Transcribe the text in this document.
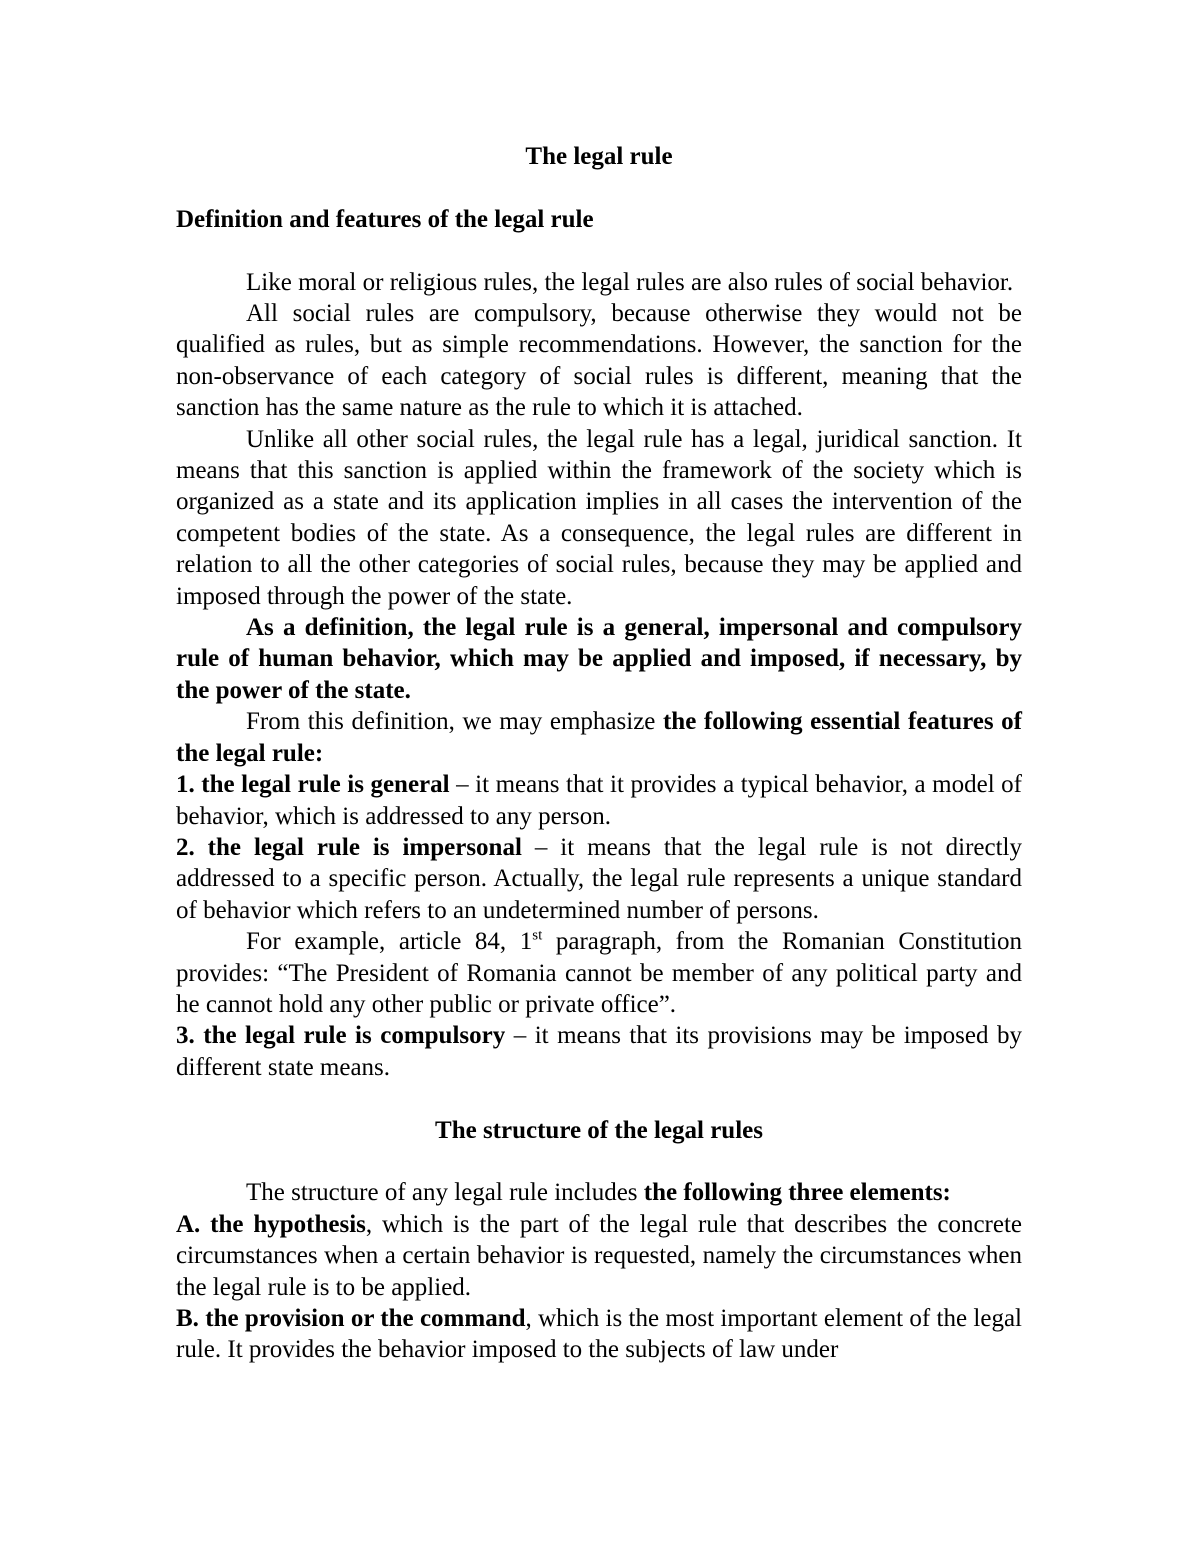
The legal rule
Definition and features of the legal rule

Like moral or religious rules, the legal rules are also rules of social behavior.

All social rules are compulsory, because otherwise they would not be qualified as rules, but as simple recommendations. However, the sanction for the non-observance of each category of social rules is different, meaning that the sanction has the same nature as the rule to which it is attached.

Unlike all other social rules, the legal rule has a legal, juridical sanction. It means that this sanction is applied within the framework of the society which is organized as a state and its application implies in all cases the intervention of the competent bodies of the state. As a consequence, the legal rules are different in relation to all the other categories of social rules, because they may be applied and imposed through the power of the state.

As a definition, the legal rule is a general, impersonal and compulsory rule of human behavior, which may be applied and imposed, if necessary, by the power of the state.

From this definition, we may emphasize the following essential features of the legal rule:

1. the legal rule is general – it means that it provides a typical behavior, a model of behavior, which is addressed to any person.

2. the legal rule is impersonal – it means that the legal rule is not directly addressed to a specific person. Actually, the legal rule represents a unique standard of behavior which refers to an undetermined number of persons.

For example, article 84, 1st paragraph, from the Romanian Constitution provides: “The President of Romania cannot be member of any political party and he cannot hold any other public or private office”.

3. the legal rule is compulsory – it means that its provisions may be imposed by different state means.

The structure of the legal rules

The structure of any legal rule includes the following three elements:

A. the hypothesis, which is the part of the legal rule that describes the concrete circumstances when a certain behavior is requested, namely the circumstances when the legal rule is to be applied.

B. the provision or the command, which is the most important element of the legal rule. It provides the behavior imposed to the subjects of law under
